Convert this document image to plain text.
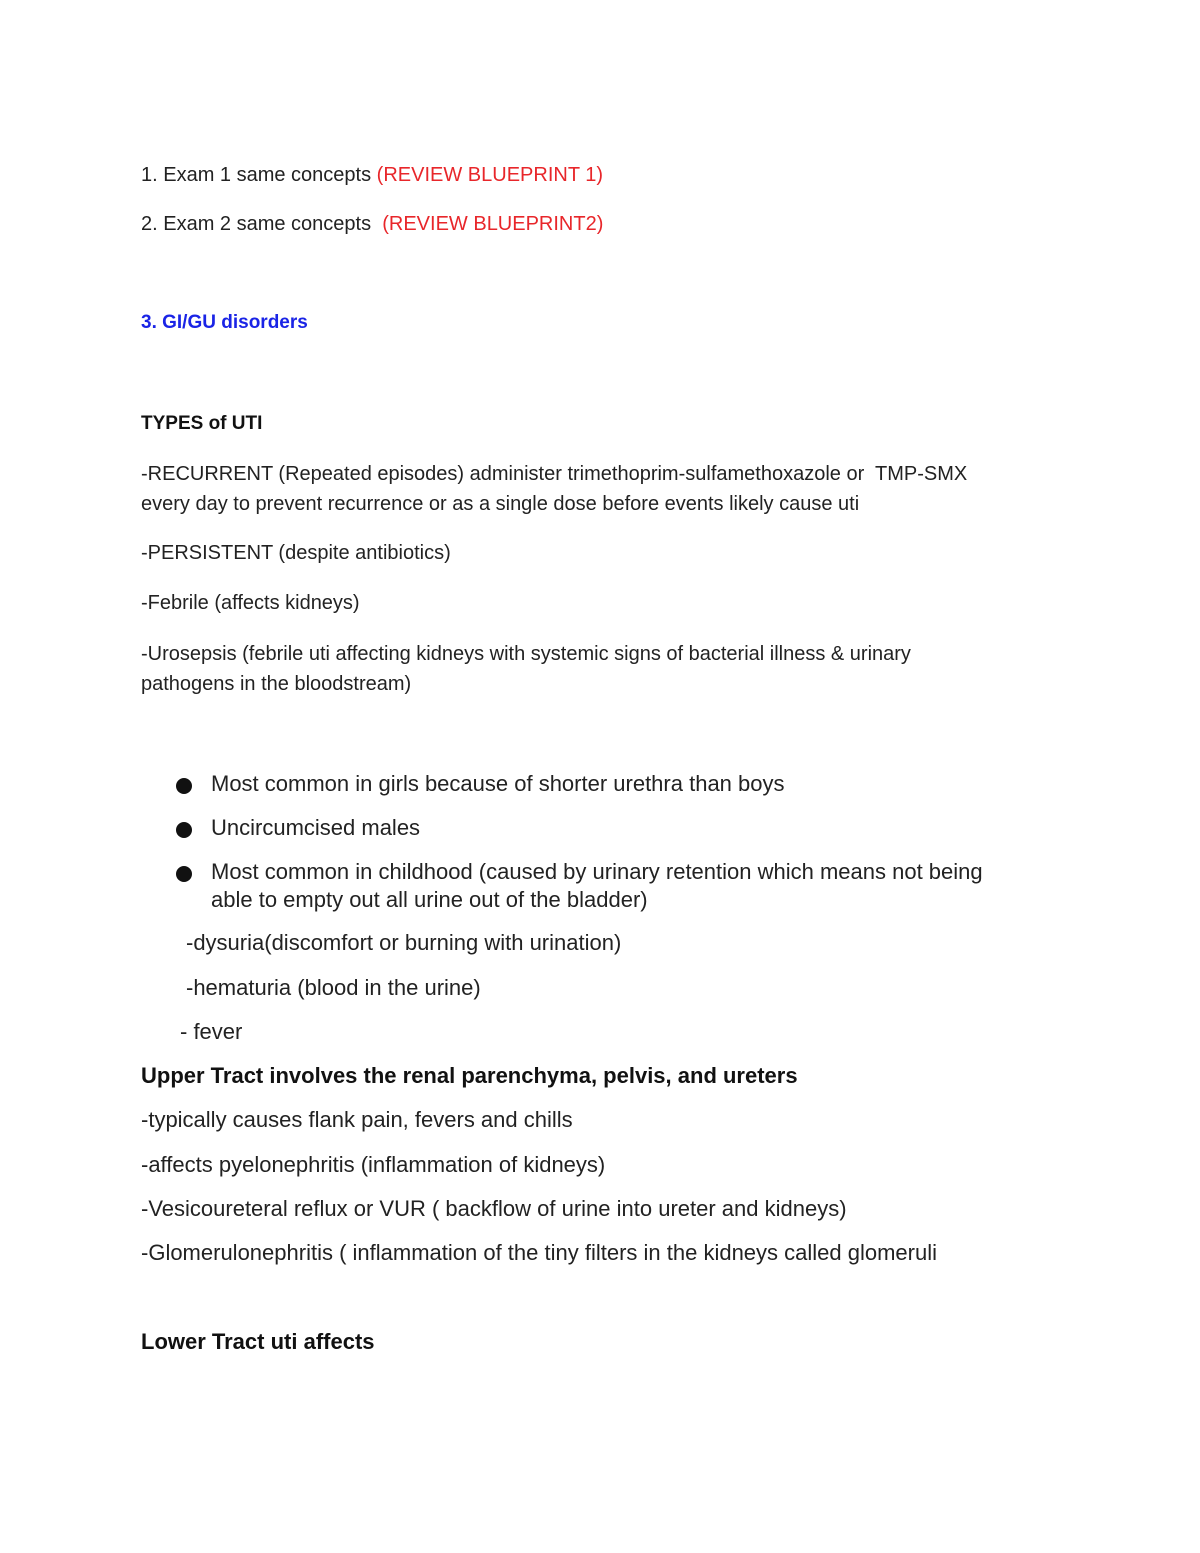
1. Exam 1 same concepts (REVIEW BLUEPRINT 1)
2. Exam 2 same concepts  (REVIEW BLUEPRINT2)
3. GI/GU disorders
TYPES of UTI
-RECURRENT (Repeated episodes) administer trimethoprim-sulfamethoxazole or  TMP-SMX
every day to prevent recurrence or as a single dose before events likely cause uti
-PERSISTENT (despite antibiotics)
-Febrile (affects kidneys)
-Urosepsis (febrile uti affecting kidneys with systemic signs of bacterial illness & urinary
pathogens in the bloodstream)
Most common in girls because of shorter urethra than boys
Uncircumcised males
Most common in childhood (caused by urinary retention which means not being
able to empty out all urine out of the bladder)
-dysuria(discomfort or burning with urination)
-hematuria (blood in the urine)
- fever
Upper Tract involves the renal parenchyma, pelvis, and ureters
-typically causes flank pain, fevers and chills
-affects pyelonephritis (inflammation of kidneys)
-Vesicoureteral reflux or VUR ( backflow of urine into ureter and kidneys)
-Glomerulonephritis ( inflammation of the tiny filters in the kidneys called glomeruli
Lower Tract uti affects
